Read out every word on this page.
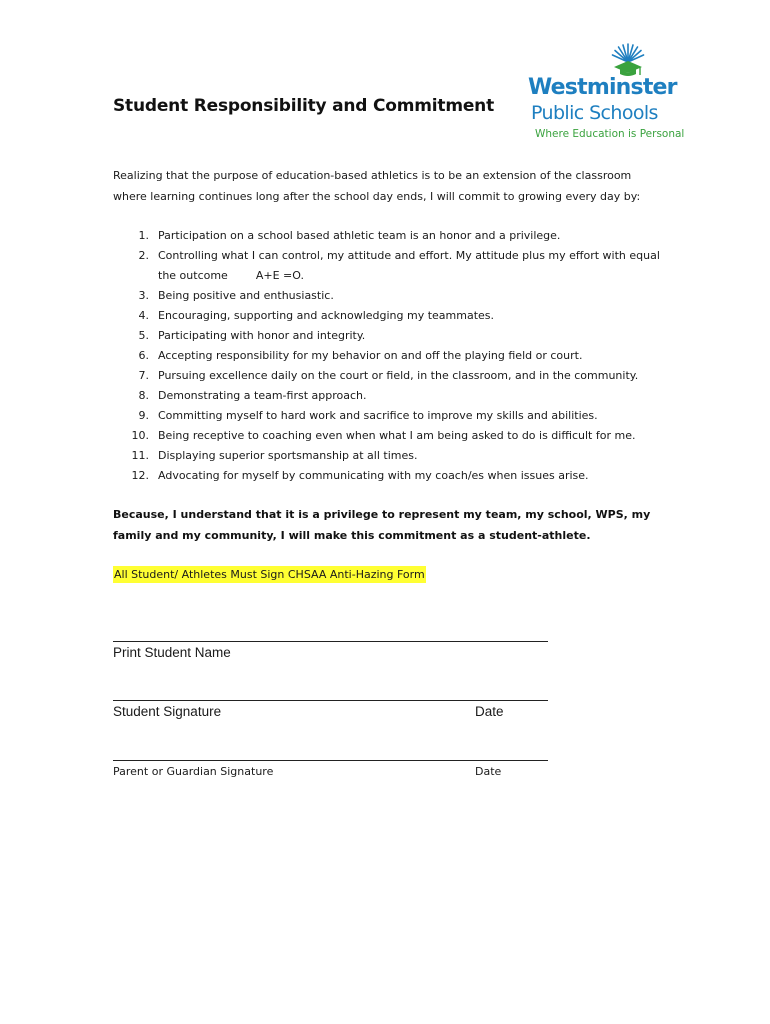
Student Responsibility and Commitment
Westminster
Public Schools
Where Education is Personal
Realizing that the purpose of education-based athletics is to be an extension of the classroom where learning continues long after the school day ends, I will commit to growing every day by:
1. Participation on a school based athletic team is an honor and a privilege.
2. Controlling what I can control, my attitude and effort. My attitude plus my effort with equal the outcome	A+E =O.
3. Being positive and enthusiastic.
4. Encouraging, supporting and acknowledging my teammates.
5. Participating with honor and integrity.
6. Accepting responsibility for my behavior on and off the playing field or court.
7. Pursuing excellence daily on the court or field, in the classroom, and in the community.
8. Demonstrating a team-first approach.
9. Committing myself to hard work and sacrifice to improve my skills and abilities.
10. Being receptive to coaching even when what I am being asked to do is difficult for me.
11. Displaying superior sportsmanship at all times.
12. Advocating for myself by communicating with my coach/es when issues arise.
Because, I understand that it is a privilege to represent my team, my school, WPS, my family and my community, I will make this commitment as a student-athlete.
All Student/ Athletes Must Sign CHSAA Anti-Hazing Form
Print Student Name
Student Signature	Date
Parent or Guardian Signature	Date
